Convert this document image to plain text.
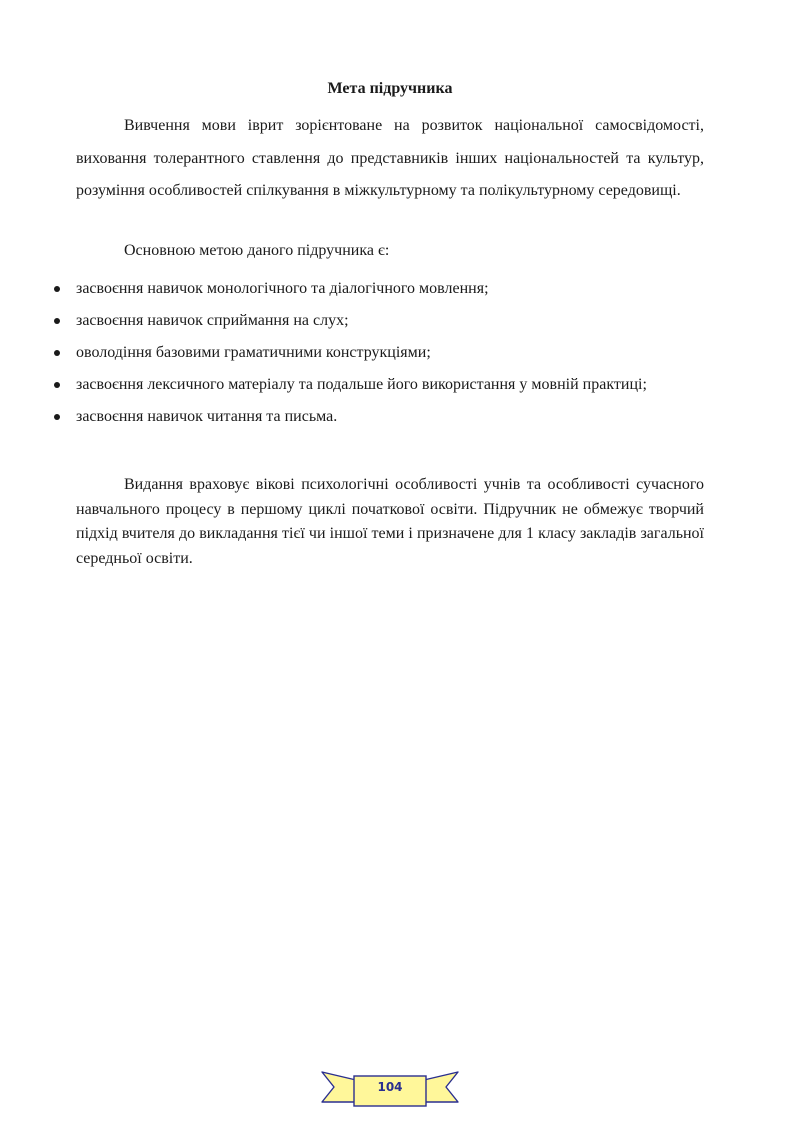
Мета підручника

Вивчення мови іврит зорієнтоване на розвиток національної самосвідомості, виховання толерантного ставлення до представників інших національностей та культур, розуміння особливостей спілкування в міжкультурному та полікультурному середовищі.

Основною метою даного підручника є:

засвоєння навичок монологічного та діалогічного мовлення;
засвоєння навичок сприймання на слух;
оволодіння базовими граматичними конструкціями;
засвоєння лексичного матеріалу та подальше його використання у мовній практиці;
засвоєння навичок читання та письма.

Видання враховує вікові психологічні особливості учнів та особливості сучасного навчального процесу в першому циклі початкової освіти. Підручник не обмежує творчий підхід вчителя до викладання тієї чи іншої теми і призначене для 1 класу закладів загальної середньої освіти.

104
